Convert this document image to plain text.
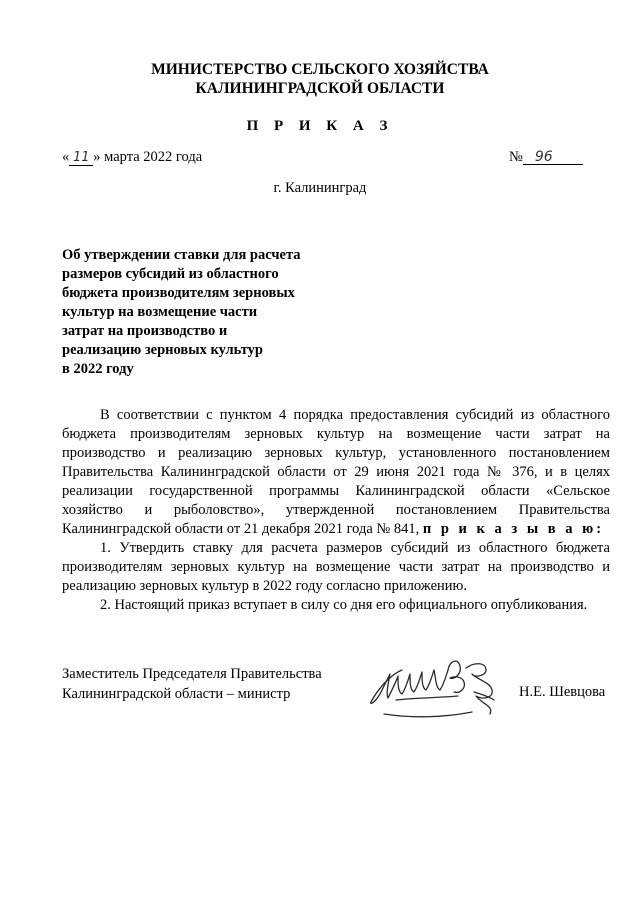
МИНИСТЕРСТВО СЕЛЬСКОГО ХОЗЯЙСТВА
КАЛИНИНГРАДСКОЙ ОБЛАСТИ
П Р И К А З
« 11 » марта 2022 года	№ 96
г. Калининград
Об утверждении ставки для расчета
размеров субсидий из областного
бюджета производителям зерновых
культур на возмещение части
затрат на производство и
реализацию зерновых культур
в 2022 году

В соответствии с пунктом 4 порядка предоставления субсидий из областного бюджета производителям зерновых культур на возмещение части затрат на производство и реализацию зерновых культур, установленного постановлением Правительства Калининградской области от 29 июня 2021 года № 376, и в целях реализации государственной программы Калининградской области «Сельское хозяйство и рыболовство», утвержденной постановлением Правительства Калининградской области от 21 декабря 2021 года № 841, п р и к а з ы в а ю:

1. Утвердить ставку для расчета размеров субсидий из областного бюджета производителям зерновых культур на возмещение части затрат на производство и реализацию зерновых культур в 2022 году согласно приложению.

2. Настоящий приказ вступает в силу со дня его официального опубликования.

Заместитель Председателя Правительства
Калининградской области – министр	Н.Е. Шевцова
